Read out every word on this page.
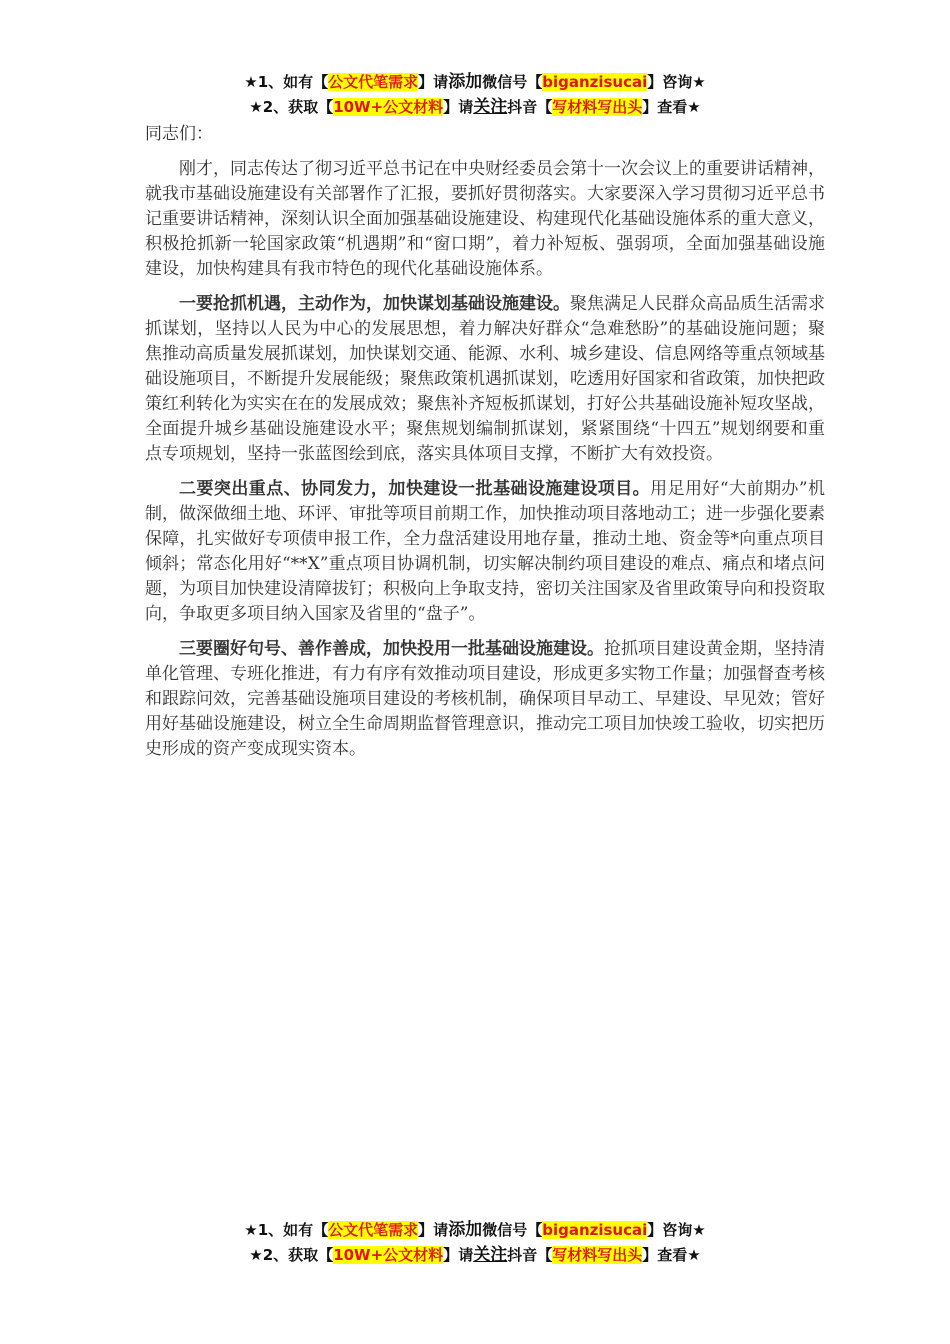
★1、如有【公文代笔需求】请添加微信号【biganzisucai】咨询★
★2、获取【10W+公文材料】请关注抖音【写材料写出头】查看★

同志们：

刚才，同志传达了彻习近平总书记在中央财经委员会第十一次会议上的重要讲话精神，就我市基础设施建设有关部署作了汇报，要抓好贯彻落实。大家要深入学习贯彻习近平总书记重要讲话精神，深刻认识全面加强基础设施建设、构建现代化基础设施体系的重大意义，积极抢抓新一轮国家政策“机遇期”和“窗口期”，着力补短板、强弱项，全面加强基础设施建设，加快构建具有我市特色的现代化基础设施体系。

一要抢抓机遇，主动作为，加快谋划基础设施建设。聚焦满足人民群众高品质生活需求抓谋划，坚持以人民为中心的发展思想，着力解决好群众“急难愁盼”的基础设施问题；聚焦推动高质量发展抓谋划，加快谋划交通、能源、水利、城乡建设、信息网络等重点领域基础设施项目，不断提升发展能级；聚焦政策机遇抓谋划，吃透用好国家和省政策，加快把政策红利转化为实实在在的发展成效；聚焦补齐短板抓谋划，打好公共基础设施补短攻坚战，全面提升城乡基础设施建设水平；聚焦规划编制抓谋划，紧紧围绕“十四五”规划纲要和重点专项规划，坚持一张蓝图绘到底，落实具体项目支撑，不断扩大有效投资。

二要突出重点、协同发力，加快建设一批基础设施建设项目。用足用好“大前期办”机制，做深做细土地、环评、审批等项目前期工作，加快推动项目落地动工；进一步强化要素保障，扎实做好专项债申报工作，全力盘活建设用地存量，推动土地、资金等*向重点项目倾斜；常态化用好“**X”重点项目协调机制，切实解决制约项目建设的难点、痛点和堵点问题，为项目加快建设清障拔钉；积极向上争取支持，密切关注国家及省里政策导向和投资取向，争取更多项目纳入国家及省里的“盘子”。

三要圈好句号、善作善成，加快投用一批基础设施建设。抢抓项目建设黄金期，坚持清单化管理、专班化推进，有力有序有效推动项目建设，形成更多实物工作量；加强督查考核和跟踪问效，完善基础设施项目建设的考核机制，确保项目早动工、早建设、早见效；管好用好基础设施建设，树立全生命周期监督管理意识，推动完工项目加快竣工验收，切实把历史形成的资产变成现实资本。

★1、如有【公文代笔需求】请添加微信号【biganzisucai】咨询★
★2、获取【10W+公文材料】请关注抖音【写材料写出头】查看★
